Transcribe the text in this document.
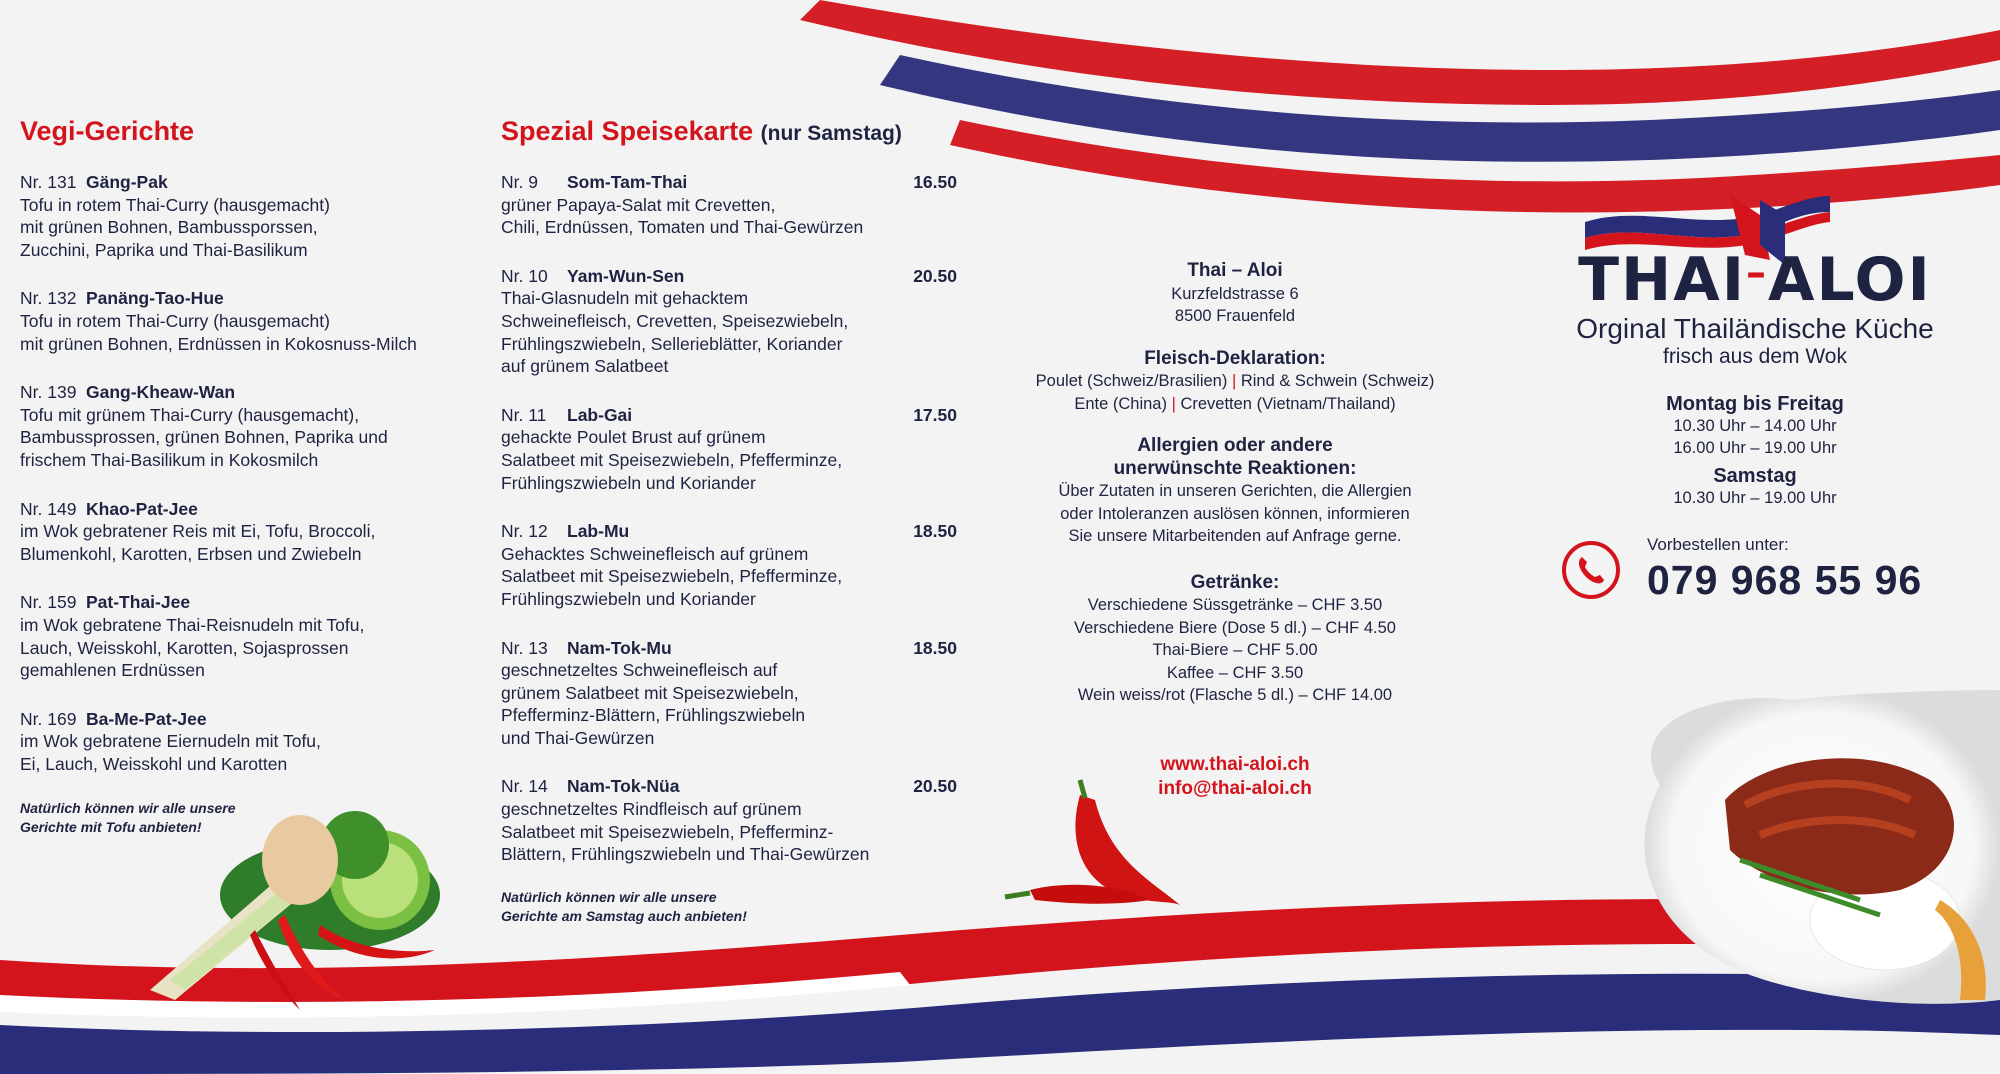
Vegi-Gerichte
Nr. 131 Gäng-Pak
Tofu in rotem Thai-Curry (hausgemacht)
mit grünen Bohnen, Bambussporssen,
Zucchini, Paprika und Thai-Basilikum
Nr. 132 Panäng-Tao-Hue
Tofu in rotem Thai-Curry (hausgemacht)
mit grünen Bohnen, Erdnüssen in Kokosnuss-Milch
Nr. 139 Gang-Kheaw-Wan
Tofu mit grünem Thai-Curry (hausgemacht),
Bambussprossen, grünen Bohnen, Paprika und
frischem Thai-Basilikum in Kokosmilch
Nr. 149 Khao-Pat-Jee
im Wok gebratener Reis mit Ei, Tofu, Broccoli,
Blumenkohl, Karotten, Erbsen und Zwiebeln
Nr. 159 Pat-Thai-Jee
im Wok gebratene Thai-Reisnudeln mit Tofu,
Lauch, Weisskohl, Karotten, Sojasprossen
gemahlenen Erdnüssen
Nr. 169 Ba-Me-Pat-Jee
im Wok gebratene Eiernudeln mit Tofu,
Ei, Lauch, Weisskohl und Karotten
Natürlich können wir alle unsere
Gerichte mit Tofu anbieten!
Spezial Speisekarte (nur Samstag)
Nr. 9	Som-Tam-Thai	16.50
grüner Papaya-Salat mit Crevetten,
Chili, Erdnüssen, Tomaten und Thai-Gewürzen
Nr. 10	Yam-Wun-Sen	20.50
Thai-Glasnudeln mit gehacktem
Schweinefleisch, Crevetten, Speisezwiebeln,
Frühlingszwiebeln, Sellerieblätter, Koriander
auf grünem Salatbeet
Nr. 11	Lab-Gai	17.50
gehackte Poulet Brust auf grünem
Salatbeet mit Speisezwiebeln, Pfefferminze,
Frühlingszwiebeln und Koriander
Nr. 12	Lab-Mu	18.50
Gehacktes Schweinefleisch auf grünem
Salatbeet mit Speisezwiebeln, Pfefferminze,
Frühlingszwiebeln und Koriander
Nr. 13	Nam-Tok-Mu	18.50
geschnetzeltes Schweinefleisch auf
grünem Salatbeet mit Speisezwiebeln,
Pfefferminz-Blättern, Frühlingszwiebeln
und Thai-Gewürzen
Nr. 14	Nam-Tok-Nüa	20.50
geschnetzeltes Rindfleisch auf grünem
Salatbeet mit Speisezwiebeln, Pfefferminz-
Blättern, Frühlingszwiebeln und Thai-Gewürzen
Natürlich können wir alle unsere
Gerichte am Samstag auch anbieten!
Thai – Aloi
Kurzfeldstrasse 6
8500 Frauenfeld
Fleisch-Deklaration:
Poulet (Schweiz/Brasilien) | Rind & Schwein (Schweiz)
Ente (China) | Crevetten (Vietnam/Thailand)
Allergien oder andere
unerwünschte Reaktionen:
Über Zutaten in unseren Gerichten, die Allergien
oder Intoleranzen auslösen können, informieren
Sie unsere Mitarbeitenden auf Anfrage gerne.
Getränke:
Verschiedene Süssgetränke – CHF 3.50
Verschiedene Biere (Dose 5 dl.) – CHF 4.50
Thai-Biere – CHF 5.00
Kaffee – CHF 3.50
Wein weiss/rot (Flasche 5 dl.) – CHF 14.00
www.thai-aloi.ch
info@thai-aloi.ch
THAI–ALOI
Orginal Thailändische Küche
frisch aus dem Wok
Montag bis Freitag
10.30 Uhr – 14.00 Uhr
16.00 Uhr – 19.00 Uhr
Samstag
10.30 Uhr – 19.00 Uhr
Vorbestellen unter:
079 968 55 96
